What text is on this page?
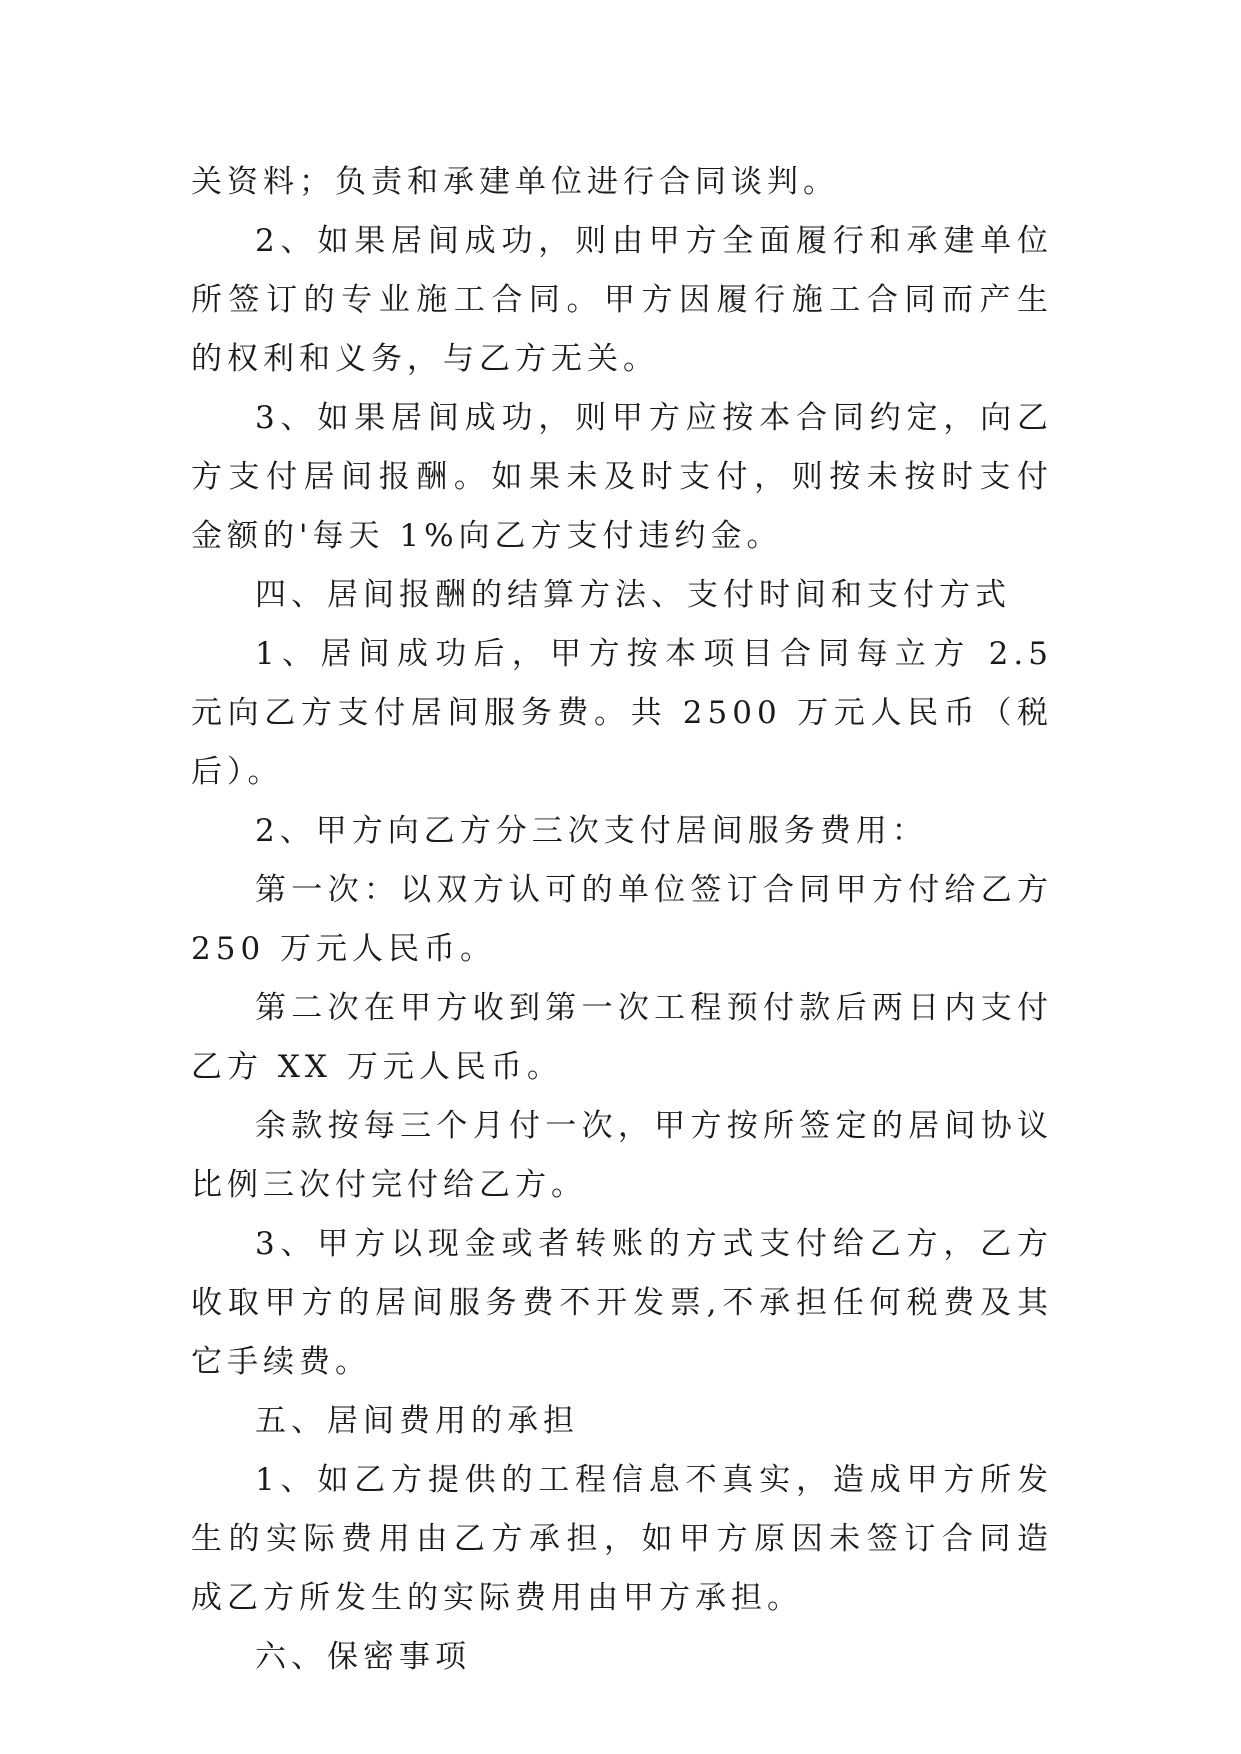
关资料；负责和承建单位进行合同谈判。

2、如果居间成功，则由甲方全面履行和承建单位所签订的专业施工合同。甲方因履行施工合同而产生的权利和义务，与乙方无关。

3、如果居间成功，则甲方应按本合同约定，向乙方支付居间报酬。如果未及时支付，则按未按时支付金额的'每天 1%向乙方支付违约金。

四、居间报酬的结算方法、支付时间和支付方式

1、居间成功后，甲方按本项目合同每立方 2.5 元向乙方支付居间服务费。共 2500 万元人民币（税后）。

2、甲方向乙方分三次支付居间服务费用：

第一次：以双方认可的单位签订合同甲方付给乙方 250 万元人民币。

第二次在甲方收到第一次工程预付款后两日内支付乙方 XX 万元人民币。

余款按每三个月付一次，甲方按所签定的居间协议比例三次付完付给乙方。

3、甲方以现金或者转账的方式支付给乙方，乙方收取甲方的居间服务费不开发票,不承担任何税费及其它手续费。

五、居间费用的承担

1、如乙方提供的工程信息不真实，造成甲方所发生的实际费用由乙方承担，如甲方原因未签订合同造成乙方所发生的实际费用由甲方承担。

六、保密事项
